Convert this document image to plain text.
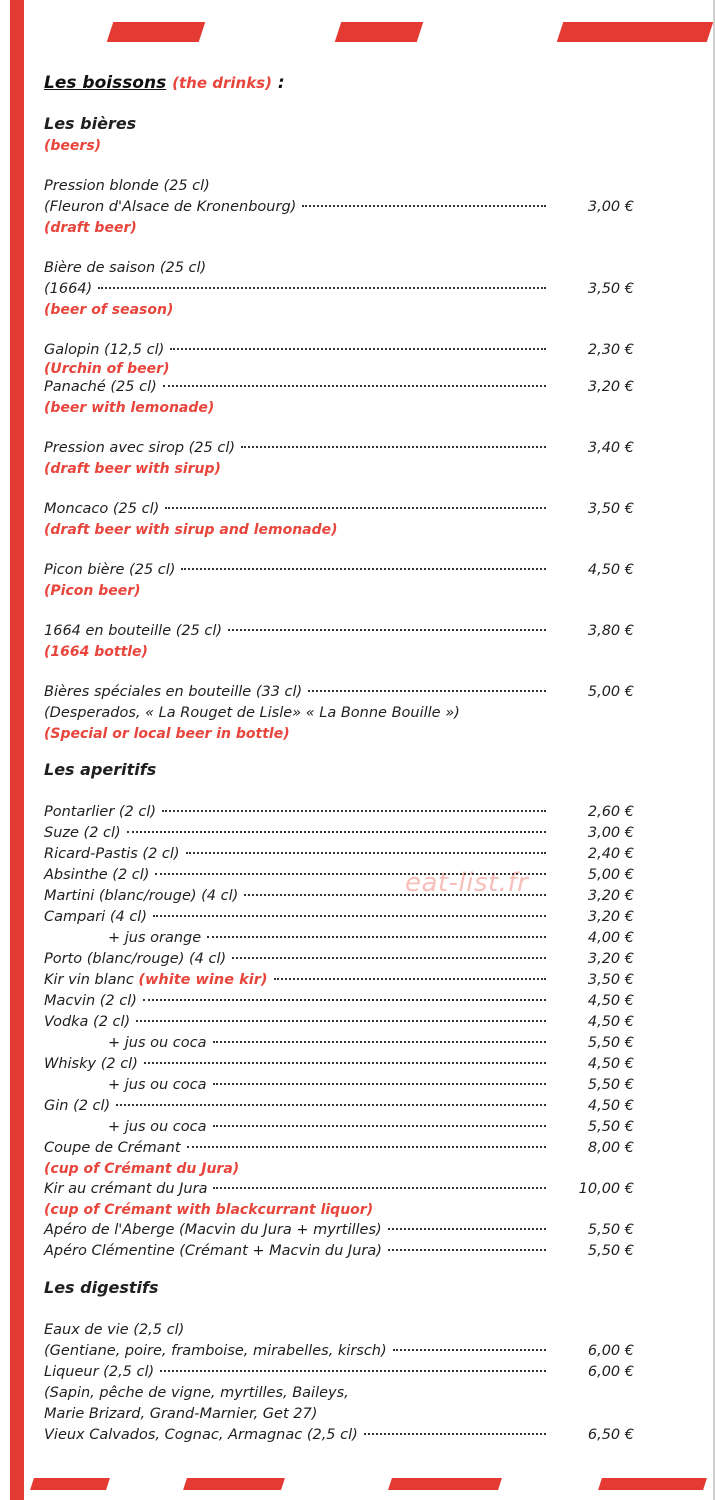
eat-list.fr
Les boissons (the drinks) :
Les bières
(beers)
Pression blonde (25 cl)
(Fleuron d'Alsace de Kronenbourg)	3,00 €
(draft beer)
Bière de saison (25 cl)
(1664)	3,50 €
(beer of season)
Galopin (12,5 cl)	2,30 €
(Urchin of beer)
Panaché (25 cl)	3,20 €
(beer with lemonade)
Pression avec sirop (25 cl)	3,40 €
(draft beer with sirup)
Moncaco (25 cl)	3,50 €
(draft beer with sirup and lemonade)
Picon bière (25 cl)	4,50 €
(Picon beer)
1664 en bouteille (25 cl)	3,80 €
(1664 bottle)
Bières spéciales en bouteille (33 cl)	5,00 €
(Desperados, « La Rouget de Lisle» « La Bonne Bouille »)
(Special or local beer in bottle)
Les aperitifs
Pontarlier (2 cl)	2,60 €
Suze (2 cl)	3,00 €
Ricard-Pastis (2 cl)	2,40 €
Absinthe (2 cl)	5,00 €
Martini (blanc/rouge) (4 cl)	3,20 €
Campari (4 cl)	3,20 €
+ jus orange	4,00 €
Porto (blanc/rouge) (4 cl)	3,20 €
Kir vin blanc (white wine kir)	3,50 €
Macvin (2 cl)	4,50 €
Vodka (2 cl)	4,50 €
+ jus ou coca	5,50 €
Whisky (2 cl)	4,50 €
+ jus ou coca	5,50 €
Gin (2 cl)	4,50 €
+ jus ou coca	5,50 €
Coupe de Crémant	8,00 €
(cup of Crémant du Jura)
Kir au crémant du Jura	10,00 €
(cup of Crémant with blackcurrant liquor)
Apéro de l'Aberge (Macvin du Jura + myrtilles)	5,50 €
Apéro Clémentine (Crémant + Macvin du Jura)	5,50 €
Les digestifs
Eaux de vie (2,5 cl)
(Gentiane, poire, framboise, mirabelles, kirsch)	6,00 €
Liqueur (2,5 cl)	6,00 €
(Sapin, pêche de vigne, myrtilles, Baileys,
Marie Brizard, Grand-Marnier, Get 27)
Vieux Calvados, Cognac, Armagnac (2,5 cl)	6,50 €
